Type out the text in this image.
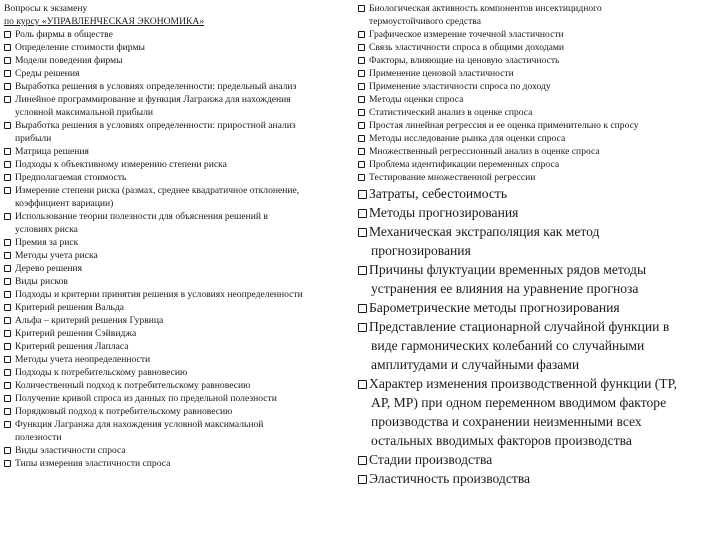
Вопросы к экзамену
по курсу «УПРАВЛЕНЧЕСКАЯ ЭКОНОМИКА»
Роль фирмы в обществе
Определение стоимости фирмы
Модели поведения фирмы
Среды решения
Выработка решения в условиях определенности: предельный анализ
Линейное программирование и функция Лагранжа для нахождения
условной максимальной прибыли
Выработка решения в условиях определенности: приростной анализ
прибыли
Матрица решения
Подходы к объективному измерению степени риска
Предполагаемая стоимость
Измерение степени риска (размах, среднее квадратичное отклонение,
коэффициент вариации)
Использование теории полезности для объяснения решений в
условиях риска
Премия за риск
Методы учета риска
Дерево решения
Виды рисков
Подходы и критерии принятия решения в условиях неопределенности
Критерий решения Вальда
Альфа – критерий решения Гурвица
Критерий решения Сэйвиджа
Критерий решения Лапласа
Методы учета неопределенности
Подходы к потребительскому равновесию
Количественный подход к потребительскому равновесию
Получение кривой спроса из данных по предельной полезности
Порядковый подход к потребительскому равновесию
Функция Лагранжа для нахождения условной максимальной
полезности
Виды эластичности спроса
Типы измерения эластичности спроса
Биологическая активность компонентов инсектицидного
термоустойчивого средства
Графическое измерение точечной эластичности
Связь эластичности спроса в общими доходами
Факторы, влияющие на ценовую эластичность
Применение ценовой эластичности
Применение эластичности спроса по доходу
Методы оценки спроса
Статистический анализ в оценке спроса
Простая линейная регрессия и ее оценка применительно к спросу
Методы исследование рынка для оценки спроса
Множественный регрессионный анализ в оценке спроса
Проблема идентификации переменных спроса
Тестирование множественной регрессии
Затраты, себестоимость
Методы прогнозирования
Механическая экстраполяция как метод
прогнозирования
Причины флуктуации временных рядов методы
устранения ее влияния на уравнение прогноза
Барометрические методы прогнозирования
Представление стационарной случайной функции в
виде гармонических колебаний со случайными
амплитудами и случайными фазами
Характер изменения производственной функции (TP,
AP, MP) при одном переменном вводимом факторе
производства и сохранении неизменными всех
остальных вводимых факторов производства
Стадии производства
Эластичность производства
